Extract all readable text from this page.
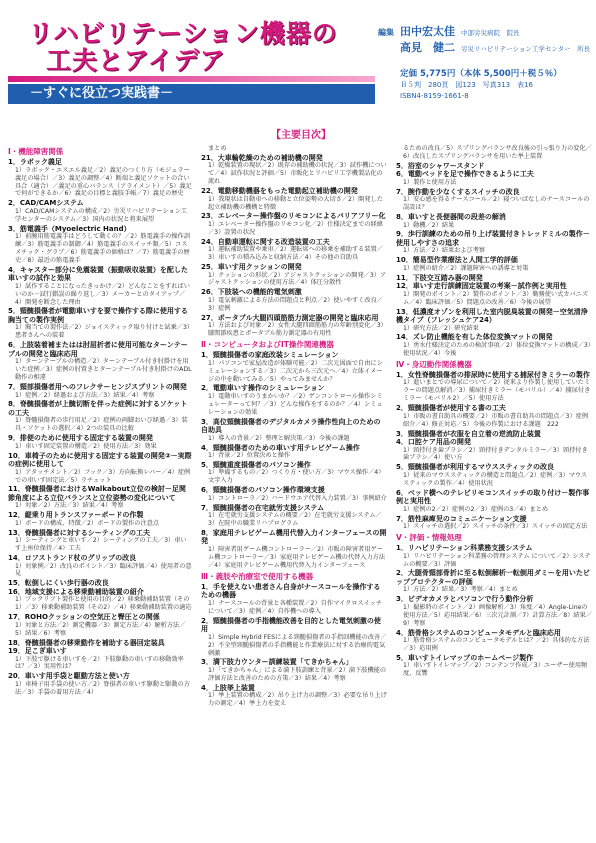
リハビリテーション機器の
工夫とアイデア
－すぐに役立つ実践書－
編集 田中宏太佳 中部労災病院　院長
高見　健二 労災リハビリテーション工学センター　所長
定価 5,775円（本体 5,500円＋税５％）
Ｂ５判　280頁　図123　写真313　表16
ISBN4-8159-1661-8
【主要目次】
Ⅰ・機能障害関係
1．ラボック義足
1）ラボック・エスエル義足／2）義足のつくり方（モジュラー義足の場合）／3）義足の調整／4）断端と義足ソケットの合い具合（適合）／義足の重心バランス（アライメント）／5）義足で何ができるか／6）義足の目標と義肢手帳／7）義足の歴史
2．CAD/CAMシステム
1）CAD/CAMシステムの構成／2）労災リハビリテーション工学センターのシステム／3）国内の状況と将来展望
3．筋電義手（Myoelectric Hand）
1）前腕用筋電義手はどうして動くの？／2）筋電義手の操作訓練／3）筋電義手の制御／4）筋電義手のスイッチ類／5）コスメチック・グラブ／6）筋電義手の価格は？／7）筋電義手の歴史／8）最近の筋電義手
4．キャスター部分に免震装置（振動吸収装置）を配した車いすの試作と効果
1）試作することになったきっかけ／2）どんなことをすればいいのか－試行錯誤の繰り返し／3）メーカーとのタイアップ／4）開発を断念した理由
5．頸髄損傷者が電動車いすを要で操作する際に使用する胸当ての製作実例
1）胸当ての製作法／2）ジョイスティック取り付けと試乗／3）患者さんへの装着
6．上肢装着補またはは肘屈折者に使用可能なターンテーブルの開発と臨床応用
1）ターンテーブルの構造／2）ターンテーブル付き肘掛けを用いた症例／3）症例の肘置きとターンテーブル付き肘掛けのADL動作の相違
7．頸部損傷者用へのフレクサーヒンジスプリントの開発
1）症例／2）経過および方法／3）結果／4）考察
8．脊髄損傷者が上髄切断を伴った症例に対するソケットの工夫
1）脊髄損傷者の歩行用足／2）症例の両脚おいび経過／3）装具・ソケットの選択／4）2つの装具の比較
9．排便のために使用する固定する装置の開発
1）車いす固定装置の構造／2）使用方法／3）効果
10．車椅子のために使用する固定する装置の開発②－実際の症例に使用して
1）アタッチメント／2）フック／3）方向転換レバー／4）症例での車いす固定法／5）ラチェット
11．脊髄損傷者におけるWalkabout立位の検討－足関節角度による立位バランスと立位姿勢の変化について
1）対象／2）方法／3）結果／4）考察
12．縦乗り用トランスファーボードの作製
1）ボードの構成、特徴／2）ボードの製作の注意点
13．脊髄損傷者に対するシーティングの工夫
1）シーティングと車いす／2）シーティングの工夫／3）車いす上座位保持／4）工夫
14．ロフストランド杖のグリップの改良
1）対象例／2）改良のポイント／3）臨床評価／4）使用者の意見
15．転倒しにくい歩行器の改良
16．地域支援による移乗動補助装置の紹介
1）ブックリフト製作と使用の目的／2）移乗動補助装置（その1）／3）移乗動補助装置（その2）／4）移乗動補助装置の適応
17．ROHOクッションの空気圧と臀圧との関係
1）対象と方法／2）測定機器／3）測定方法／4）解析方法／5）結果／6）考察
18．脊髄損傷者の移乗動作を補助する器回定装具
19．足こぎ車いす
1）下肢で駆ける車いすを／2）下肢駆動の車いすの移動効率は？／3）実用性は？
20．車いす用手袋と駆動方法と使い方
1）車椅子用手袋の使い方／2）脊損者の車いす駆動と駆動の方法／3）手袋の着用方法／4）
まとめ
21．大車輪乾燥のための補助機の開発
1）乾燥装置の現状／2）既存の補助機の状況／3）試作機について／4）試作状況と評価／5）市販化とリハビリ工学機製品化の流れ
22．電動移動機器をもった電動起立補助機の開発
1）我現状は自動車への移動と立位姿勢の大切さ／2）開発した起立補助機の機構と特徴
23．エレベーター操作盤のリモコンによるバリアフリー化
1）エレベーター操作盤のリモコン化／2）仕様決定までの経緯／3）設置の状況
24．自動車運転に関する改造装置の工夫
1）運転補助装置や乗車／2）運転席への移乗を補助する装置／3）車いすの積み込みと収納方法／4）その他の自助具
25．車いす用クッションの開発
1）クッションの形状／2）アジャストクッションの開発／3）アジャストクッションの使用方法／4）体圧分散性
26．下肢装への機能的電気刺激
1）電気刺激による方法の問題点と利点／2）使いやすく改良／3）症例
27．ポータブル大腿四頭筋筋力測定器の開発と臨床応用
1）方法および対象／2）女性大腿四頭筋筋力の年齢別変化／3）膝関節疾患とポータブル筋力測定器の有用性
Ⅱ・コンピュータおよびIT操作関連機器
1．頸髄損傷者の家庭改装シミュレーション
1）パソコンで家屋改造が体験可能／2）二次元図面で自由にシミュレーションする／3）二次元から三次元へ／4）立体イメージの中を動いてみる／5）やってみませんか？
2．電動車いす操作のシミュレーション
1）電動車いすのうまかいか？／2）ゲンコントロール操作シミュレーターって何？／3）どんな操作をするのか？／4）シミュレーションの効果
3．高位頸髄損傷者のデジタルカメラ操作性向上のための自助具
1）導入の背景／2）整理と解決策／3）今後の課題
4．頸髄損傷者のための車いす用テレビゲーム操作
1）背景／2）位置決めと操作
5．頸髄重度損傷者のパソコン操作
1）準備するもの／2）つくり方・使い方／3）マウス操作／4）文字入力
6．頸髄損傷者のパソコン操作環境支援
1）コントローラ／2）ハードウエア代替入力装置／3）事例紹介
7．頸髄損傷者の在宅就労支援システム
1）在宅就労支援システムの概要／2）在宅就労支援システム／3）在院中の職業リハプログラム
8．家庭用テレビゲーム機用代替入力インターフェースの開発
1）障害者用ゲーム機コントローラー／2）市販の障害者用ゲーム機コントローラー／3）家庭用テレビゲーム機の代替入力方法／4）家庭用テレビゲーム機用代替入力インターフェース
Ⅲ・義肢や治療室で使用する機器
1．手を使えない患者さん自身がナースコールを操作するための機器
1）ナースコールの背景と各種装置／2）自作マイクロスイッチについて／3）症例／4）自作機への導入
2．頸髄損傷者の手指機能改善を目的とした電気刺激の使用
1）Simple Hybrid FESによる頸髄損傷者の手指回機能の改善／2）不全型頸髄損傷者の手指機能と作業療法に対する治療的電気刺激
3．満下肢力ウンター訓練装置「てきかちゃん」
1）「てきかちゃん」による満下肢訓練と背景／2）満下肢機能の評価方法と改善のための方策／3）結果／4）考察
4．上肢挙上装置
1）挙上装置の構成／2）吊り上げ力の調整／3）必要な吊り上げ力の測定／4）挙上力を変え
るための改良／5）スプリングバランサ改良後の引っ張り力の変化／6）改良したスプリングバランサを用いた挙上装置
5．浴室のシャワースタンド
6．電動ベッドを足で操作できるように工夫
1）製作と使用方法
7．腕作動を少なくするスイッチの改良
1）安心感を得るナースコール／2）寝ついばなしのナースコールの誤設は？
8．車いすと長便器間の段差の解消
1）動機／2）結果
9．歩行訓練のための吊り上げ装置付きトレッドミルの製作－使用しやすさの追求
1）方法／2）結果および考察
10．簡易型作業療法と人間工学的評価
1）症例の紹介／2）課題障害への誘導と対策
11．下肢交互踏み器の開発
12．車いす走行訓練固定装置の考案－試作例と実用性
1）開発のポイント／2）製作のポイント／3）勤務使い式カバニズム／4）臨床評価／5）問題点の改善／6）今後の展望
13．低濃度オゾンを利用した室内脱臭装置の開発－空気清浄機タイプ（フレッシュケア24）
1）研究方法／2）研究結果
14．ズレ防止機能を有した体位変換マットの開発
1）勇水仕様決定のための検討事項／2）体位変換マットの構成／3）使用状況／4）今後
Ⅳ・身辺動作関係機器
1．女性脊髄損傷者の排尿時に使用する捕尿付きミラーの製作
1）進いまとでの導尿について／2）従来より作製し使用していたミラーの問題点解消／3）捕尿付きミラー（モバリル）／4）捕尿付きミラー（モバリル2）／5）使用方法
2．頸髄損傷者が使用する書の工夫
1）市販の書自助具の概要／2）市販の書自助具の問題点／3）症例紹介／4）修正対応／5）今後の作製における課題　222
3．頸髄損傷者が衣服を自立着の逆流防止装置
4．口腔ケア用品の開発
1）頸持付き歯ブラシ／2）頸持付きデンタルミラー／3）頸持付き歯ブラシ／4）使い方
5．頸髄損傷者が利用するマウススティックの改良
1）従来のマウススティックの構造と問題点／2）症例／3）マウススティックの製作／4）使用状況
6．ベッド横へのテレビリモコンスイッチの取り付け－製作事例と実用性
1）症例の2／2）症例の2／3）症例の3／4）まとめ
7．筋性麻痺児のコミュニケーション支援
1）スイッチの選択／2）スイッチの条件／3）スイッチの固定方法
Ⅴ・評価・情報処理
1．リハビリテーション科業務支援システム
1）リハビリテーション科業務の管理システム について／2）システムの概要／3）評価
2．大腿骨頸部骨折に至る転倒解析一転倒用ダミーを用いたビップブロテクターの評価
1）方法／2）結果／3）考察／4）まとめ
3．ビデオカメラとパソコンで行う動作分析
1）撮影時のポイント／2）画像解析／3）角度／4）Angle-Lineの使用方法／5）応用結果／6）三次元計測／7）計算方法／8）結果／9）考察
4．筋骨格システムのコンピュータモデルと臨床応用
1）筋骨格システムのコンピュータモデルとは？／2）具体的な方法／3）応用例
5．車いすトイレマップのホームページ製作
1）車いすトイレマップ／2）コンテンツ作成／3）ユーザー使用頻度、反響
